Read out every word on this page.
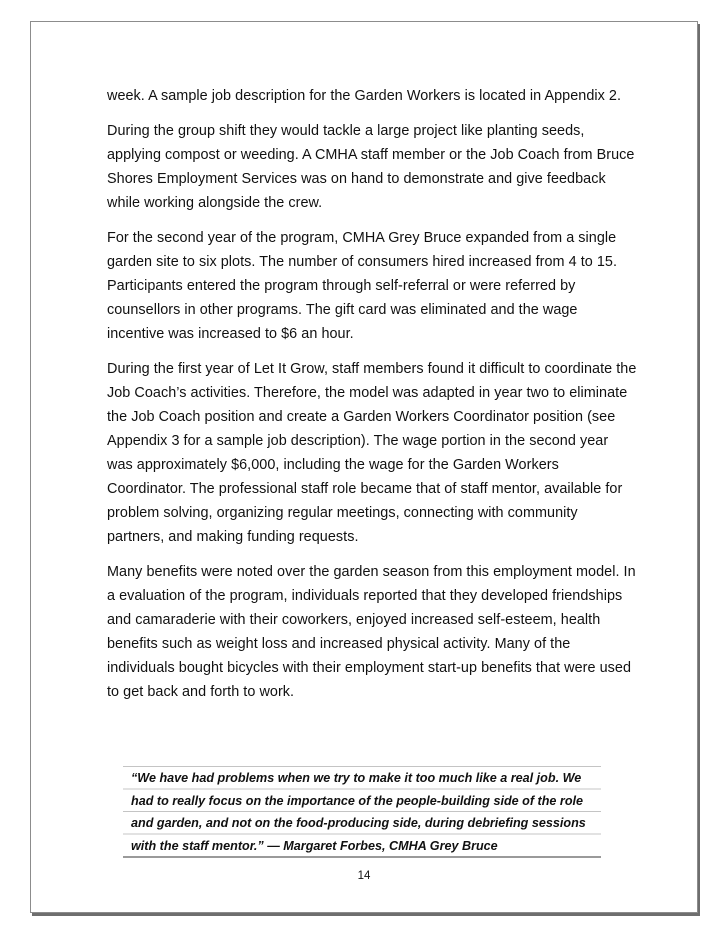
week. A sample job description for the Garden Workers is located in Appendix 2.

During the group shift they would tackle a large project like planting seeds, applying compost or weeding. A CMHA staff member or the Job Coach from Bruce Shores Employment Services was on hand to demonstrate and give feedback while working alongside the crew.

For the second year of the program, CMHA Grey Bruce expanded from a single garden site to six plots. The number of consumers hired increased from 4 to 15. Participants entered the program through self-referral or were referred by counsellors in other programs. The gift card was eliminated and the wage incentive was increased to $6 an hour.

During the first year of Let It Grow, staff members found it difficult to coordinate the Job Coach’s activities. Therefore, the model was adapted in year two to eliminate the Job Coach position and create a Garden Workers Coordinator position (see Appendix 3 for a sample job description). The wage portion in the second year was approximately $6,000, including the wage for the Garden Workers Coordinator. The professional staff role became that of staff mentor, available for problem solving, organizing regular meetings, connecting with community partners, and making funding requests.

Many benefits were noted over the garden season from this employment model. In a evaluation of the program, individuals reported that they developed friendships and camaraderie with their coworkers, enjoyed increased self-esteem, health benefits such as weight loss and increased physical activity. Many of the individuals bought bicycles with their employment start-up benefits that were used to get back and forth to work.

“We have had problems when we try to make it too much like a real job. We had to really focus on the importance of the people-building side of the role and garden, and not on the food-producing side, during debriefing sessions with the staff mentor.” — Margaret Forbes, CMHA Grey Bruce

14
